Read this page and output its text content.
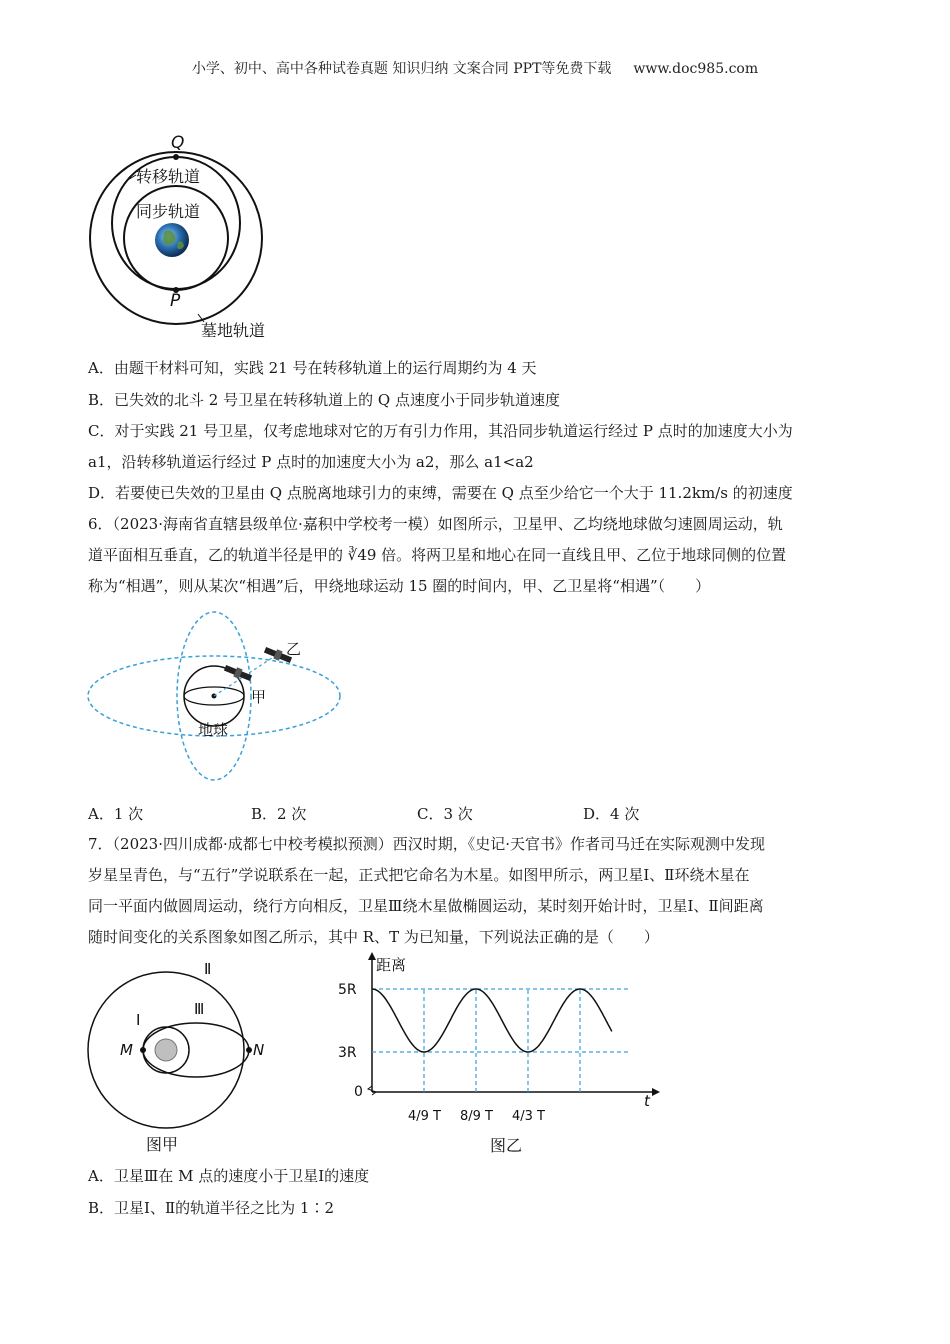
小学、初中、高中各种试卷真题 知识归纳 文案合同 PPT等免费下载 www.doc985.com
Q
P
转移轨道
同步轨道
墓地轨道
A．由题干材料可知，实践 21 号在转移轨道上的运行周期约为 4 天
B．已失效的北斗 2 号卫星在转移轨道上的 Q 点速度小于同步轨道速度
C．对于实践 21 号卫星，仅考虑地球对它的万有引力作用，其沿同步轨道运行经过 P 点时的加速度大小为
a1，沿转移轨道运行经过 P 点时的加速度大小为 a2，那么 a1<a2
D．若要使已失效的卫星由 Q 点脱离地球引力的束缚，需要在 Q 点至少给它一个大于 11.2km/s 的初速度
6．（2023·海南省直辖县级单位·嘉积中学校考一模）如图所示，卫星甲、乙均绕地球做匀速圆周运动，轨
道平面相互垂直，乙的轨道半径是甲的 ∛49 倍。将两卫星和地心在同一直线且甲、乙位于地球同侧的位置
称为“相遇”，则从某次“相遇”后，甲绕地球运动 15 圈的时间内，甲、乙卫星将“相遇”（　　）
乙
甲
地球
A．1 次	B．2 次	C．3 次	D．4 次
7．（2023·四川成都·成都七中校考模拟预测）西汉时期，《史记·天官书》作者司马迁在实际观测中发现
岁星呈青色，与“五行”学说联系在一起，正式把它命名为木星。如图甲所示，两卫星Ⅰ、Ⅱ环绕木星在
同一平面内做圆周运动，绕行方向相反，卫星Ⅲ绕木星做椭圆运动，某时刻开始计时，卫星Ⅰ、Ⅱ间距离
随时间变化的关系图象如图乙所示，其中 R、T 为已知量，下列说法正确的是（　　）
Ⅰ
Ⅱ
Ⅲ
M	N
图甲
距离
t
0
图乙
3R
5R
4/9 T 8/9 T 4/3 T
A．卫星Ⅲ在 M 点的速度小于卫星Ⅰ的速度
B．卫星Ⅰ、Ⅱ的轨道半径之比为 1∶2
